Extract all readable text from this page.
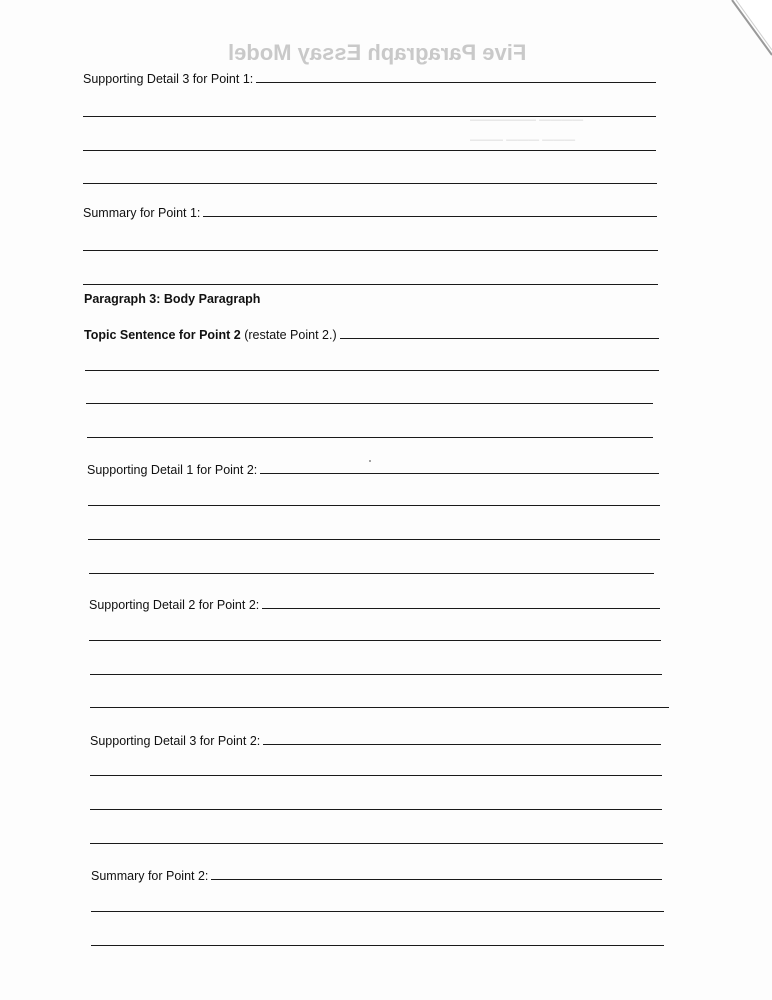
Five Paragraph Essay Model
———— ——————
——— ——— ———
Supporting Detail 3 for Point 1:
Summary for Point 1:
Paragraph 3: Body Paragraph
Topic Sentence for Point 2 (restate Point 2.)
Supporting Detail 1 for Point 2:
Supporting Detail 2 for Point 2:
Supporting Detail 3 for Point 2:
Summary for Point 2:
